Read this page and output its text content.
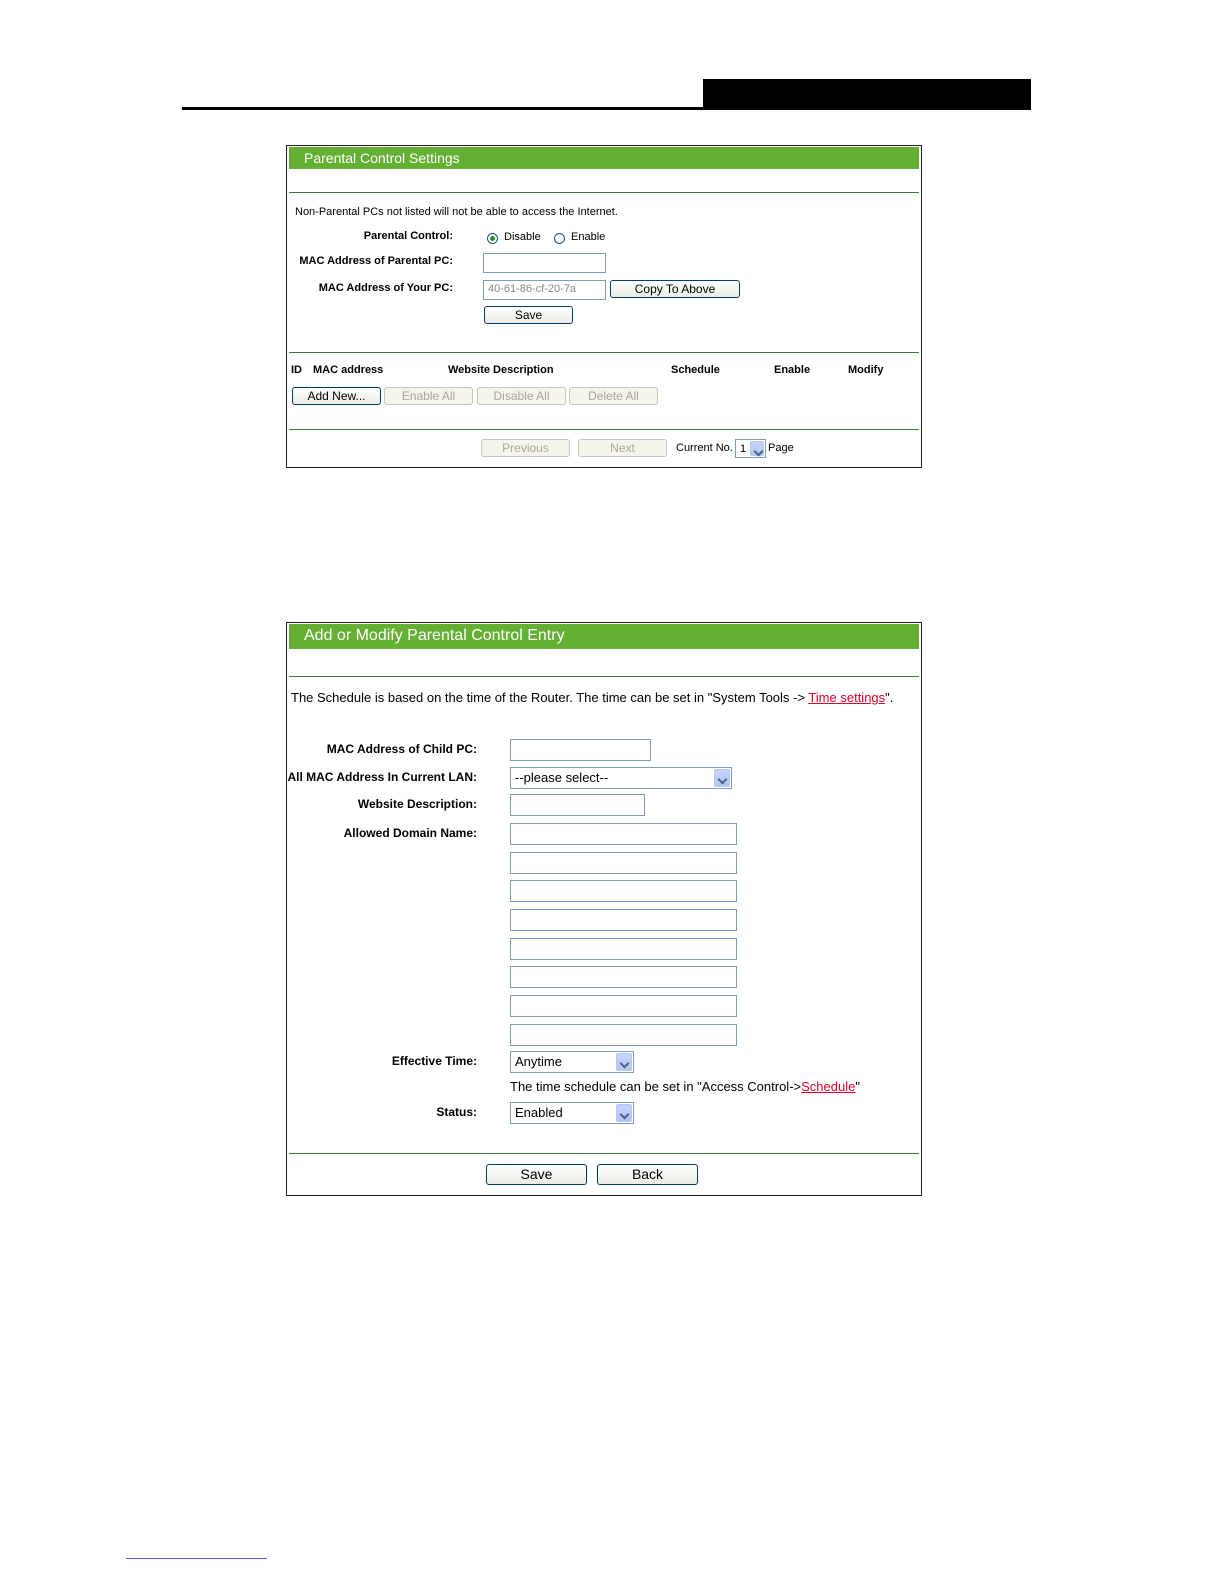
Parental Control Settings
Non-Parental PCs not listed will not be able to access the Internet.
Parental Control:	Disable	Enable
MAC Address of Parental PC:
MAC Address of Your PC:	40-61-86-cf-20-7a	Copy To Above
Save
ID MAC address	Website Description	Schedule	Enable	Modify
Add New...	Enable All	Disable All	Delete All
Previous	Next	Current No. 1 Page
Add or Modify Parental Control Entry
The Schedule is based on the time of the Router. The time can be set in "System Tools -> Time settings".
MAC Address of Child PC:
All MAC Address In Current LAN:	--please select--
Website Description:
Allowed Domain Name:
Effective Time:	Anytime
The time schedule can be set in "Access Control->Schedule"
Status:	Enabled
Save	Back
